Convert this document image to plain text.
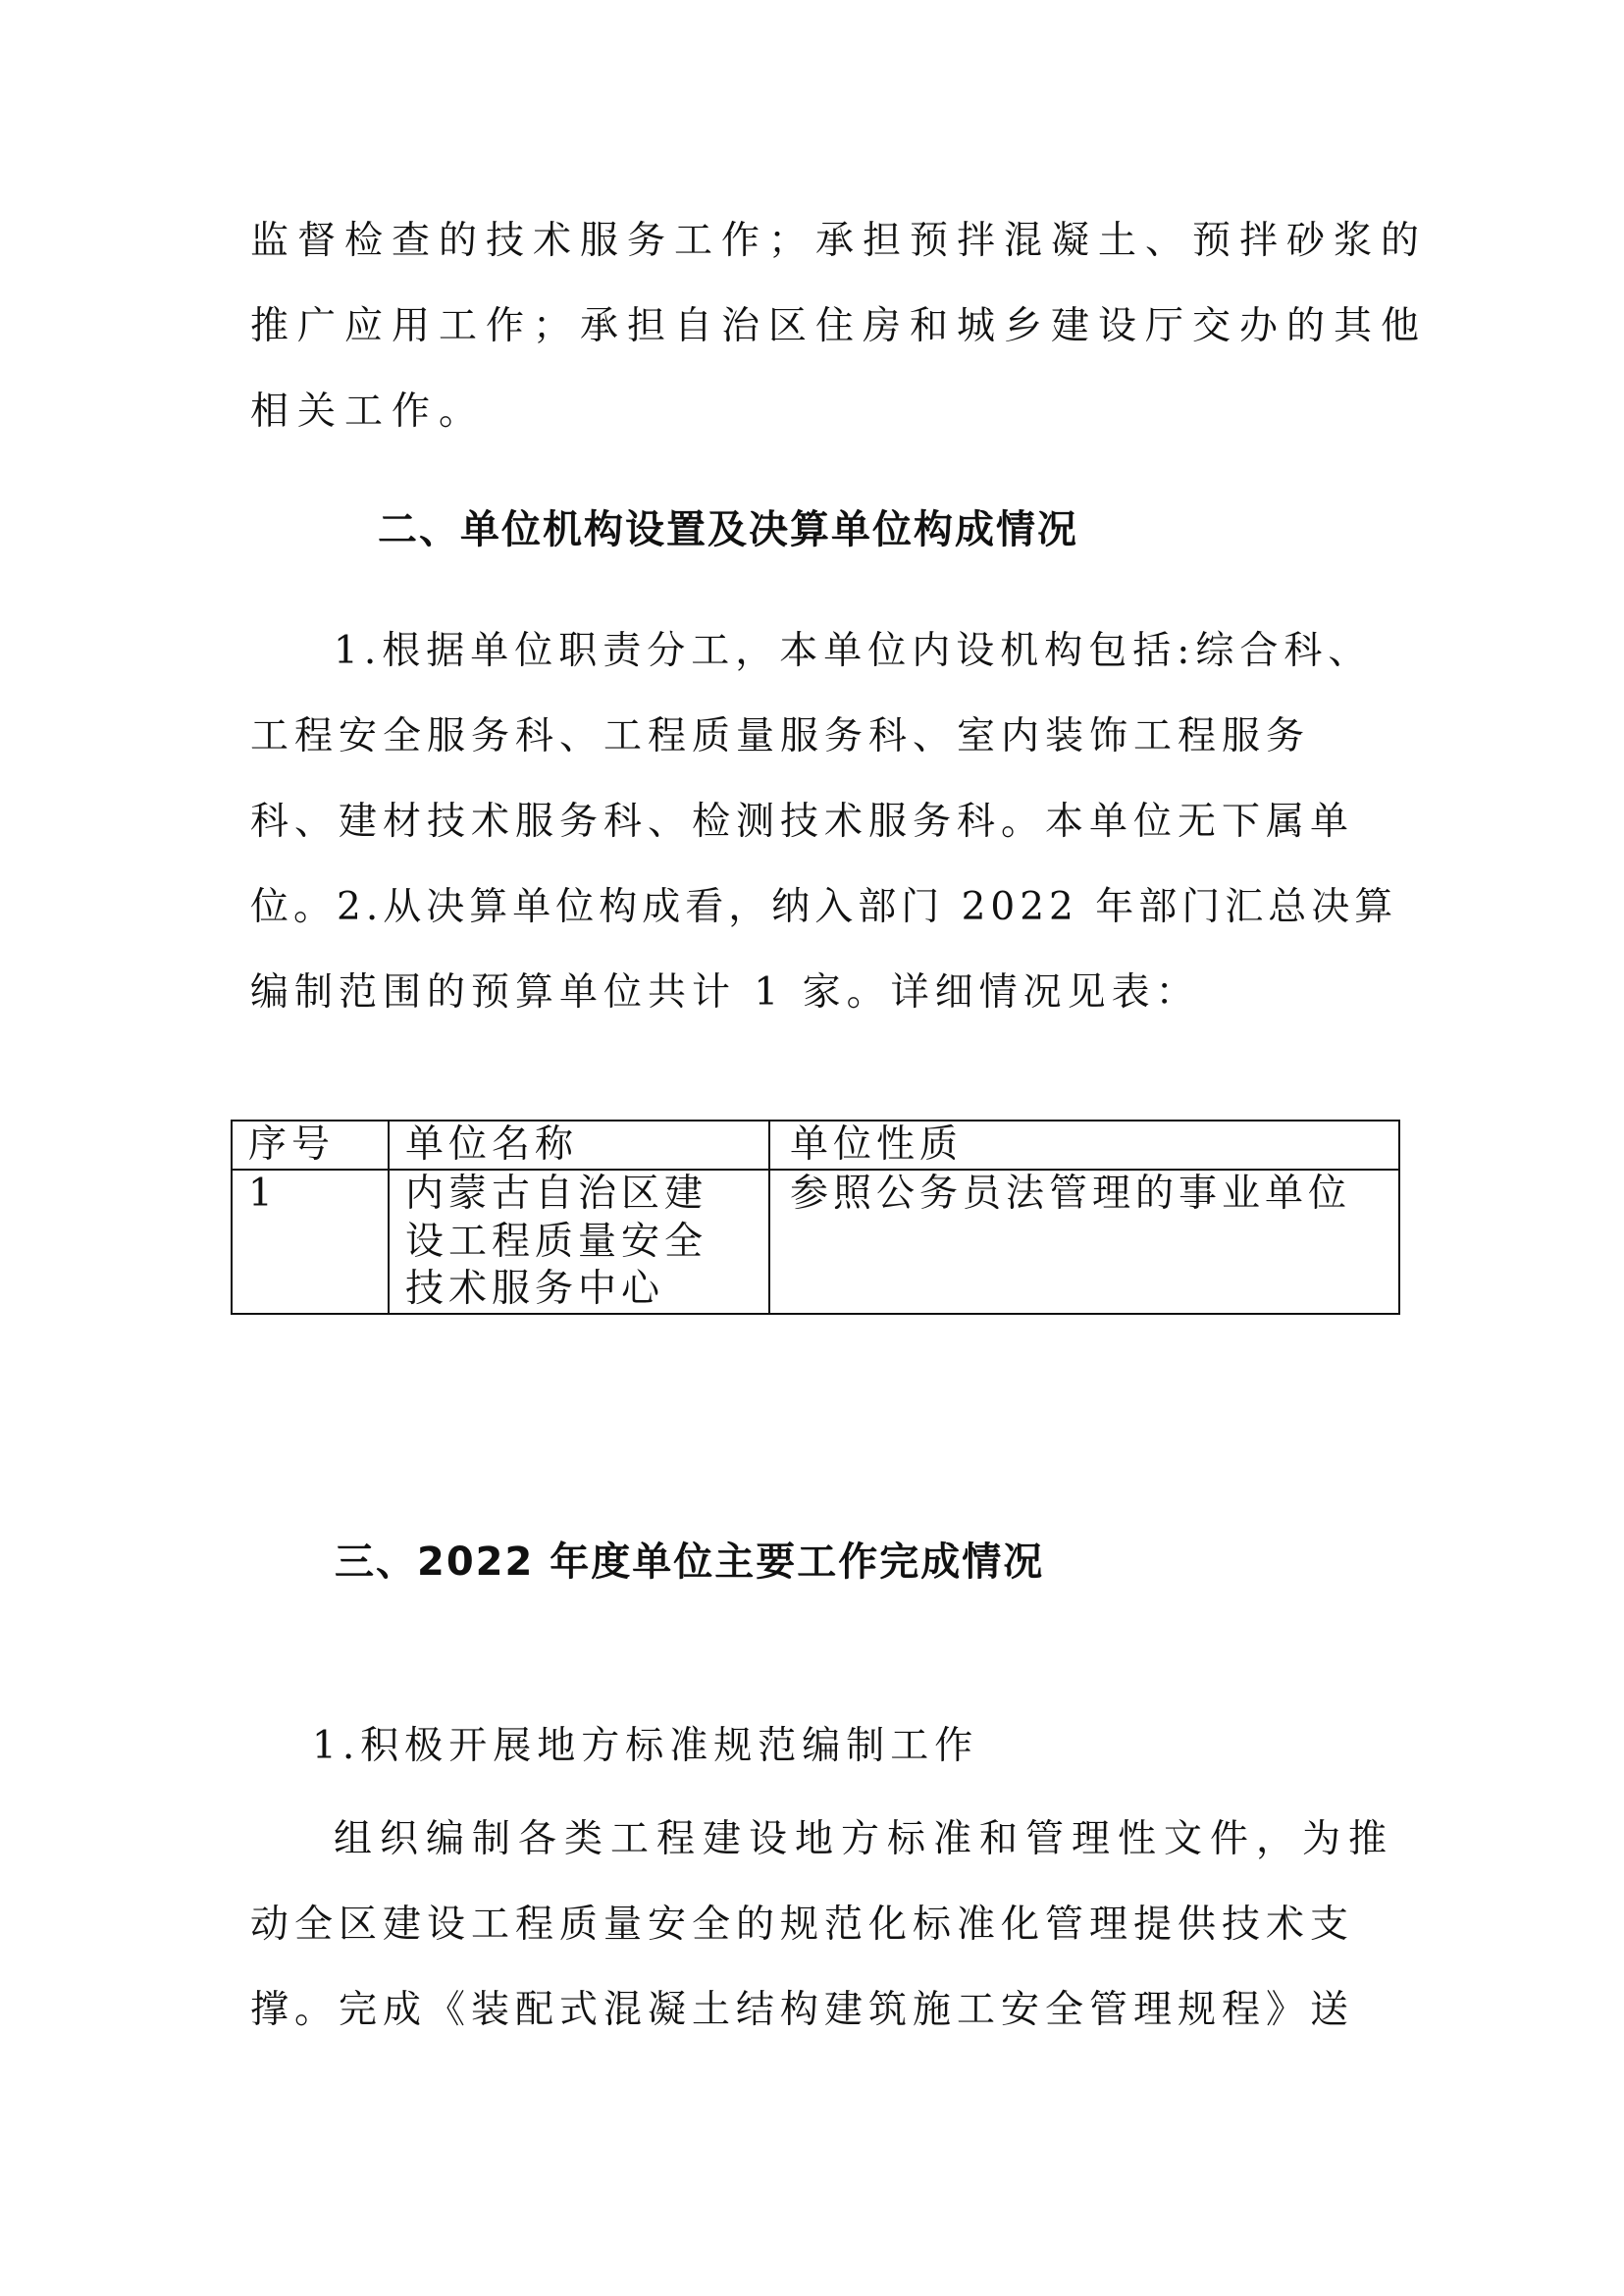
监督检查的技术服务工作；承担预拌混凝土、预拌砂浆的
推广应用工作；承担自治区住房和城乡建设厅交办的其他
相关工作。
二、单位机构设置及决算单位构成情况
1.根据单位职责分工，本单位内设机构包括:综合科、
工程安全服务科、工程质量服务科、室内装饰工程服务
科、建材技术服务科、检测技术服务科。本单位无下属单
位。2.从决算单位构成看，纳入部门 2022 年部门汇总决算
编制范围的预算单位共计 1 家。详细情况见表：
序号	单位名称	单位性质
1	内蒙古自治区建
设工程质量安全
技术服务中心	参照公务员法管理的事业单位
三、2022 年度单位主要工作完成情况
1.积极开展地方标准规范编制工作
组织编制各类工程建设地方标准和管理性文件，为推
动全区建设工程质量安全的规范化标准化管理提供技术支
撑。完成《装配式混凝土结构建筑施工安全管理规程》送
